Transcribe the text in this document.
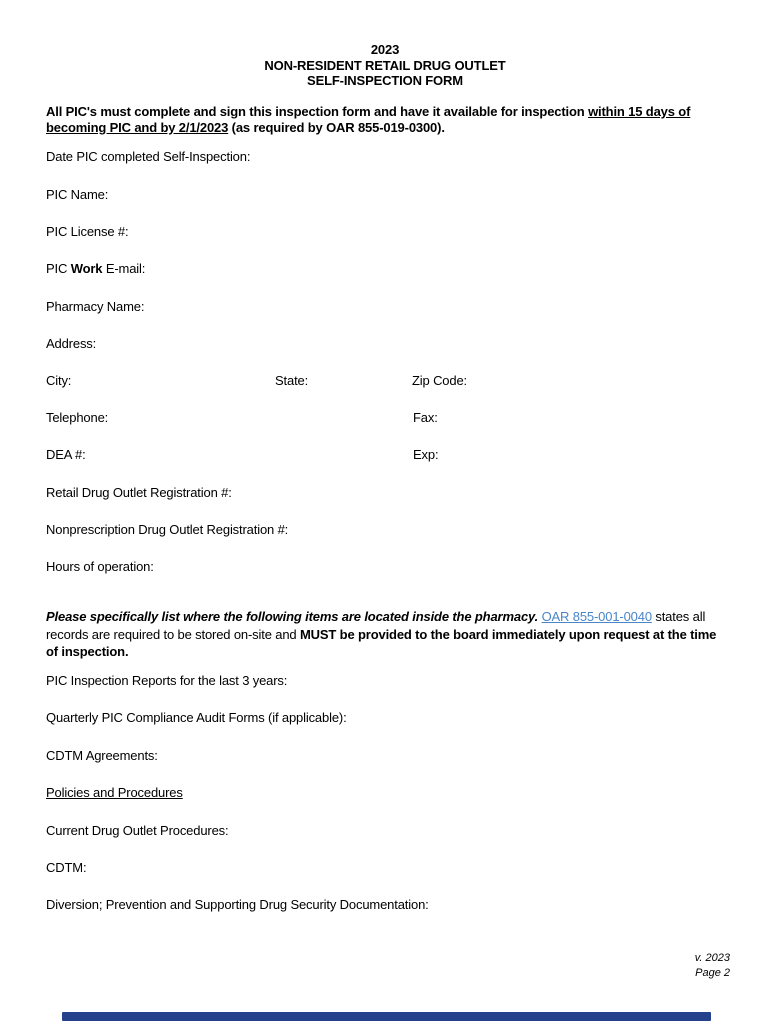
2023
NON-RESIDENT RETAIL DRUG OUTLET
SELF-INSPECTION FORM
All PIC's must complete and sign this inspection form and have it available for inspection within 15 days of
becoming PIC and by 2/1/2023 (as required by OAR 855-019-0300).
Date PIC completed Self-Inspection:
PIC Name:
PIC License #:
PIC Work E-mail:
Pharmacy Name:
Address:
City:	State:	Zip Code:
Telephone:	Fax:
DEA #:	Exp:
Retail Drug Outlet Registration #:
Nonprescription Drug Outlet Registration #:
Hours of operation:
Please specifically list where the following items are located inside the pharmacy. OAR 855-001-0040 states all
records are required to be stored on-site and MUST be provided to the board immediately upon request at the time
of inspection.
PIC Inspection Reports for the last 3 years:
Quarterly PIC Compliance Audit Forms (if applicable):
CDTM Agreements:
Policies and Procedures
Current Drug Outlet Procedures:
CDTM:
Diversion; Prevention and Supporting Drug Security Documentation:
v. 2023
Page 2
